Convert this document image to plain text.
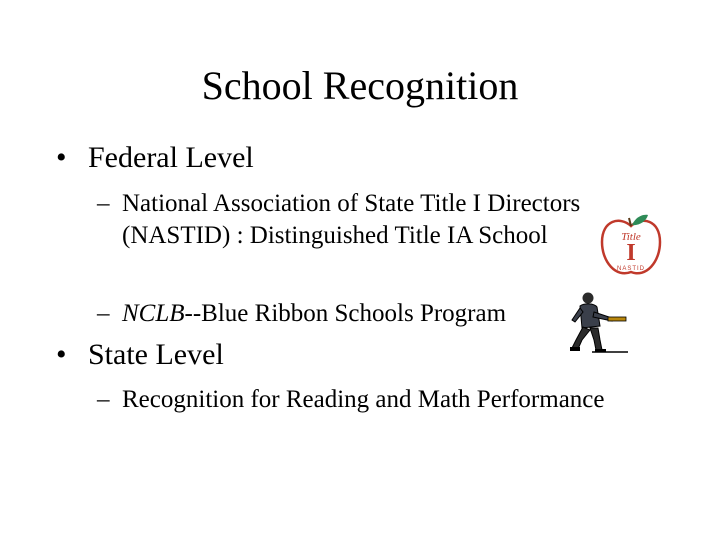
School Recognition
• Federal Level
– National Association of State Title I Directors
(NASTID) : Distinguished Title IA School
– NCLB--Blue Ribbon Schools Program
• State Level
– Recognition for Reading and Math Performance
Title
I
NASTID
